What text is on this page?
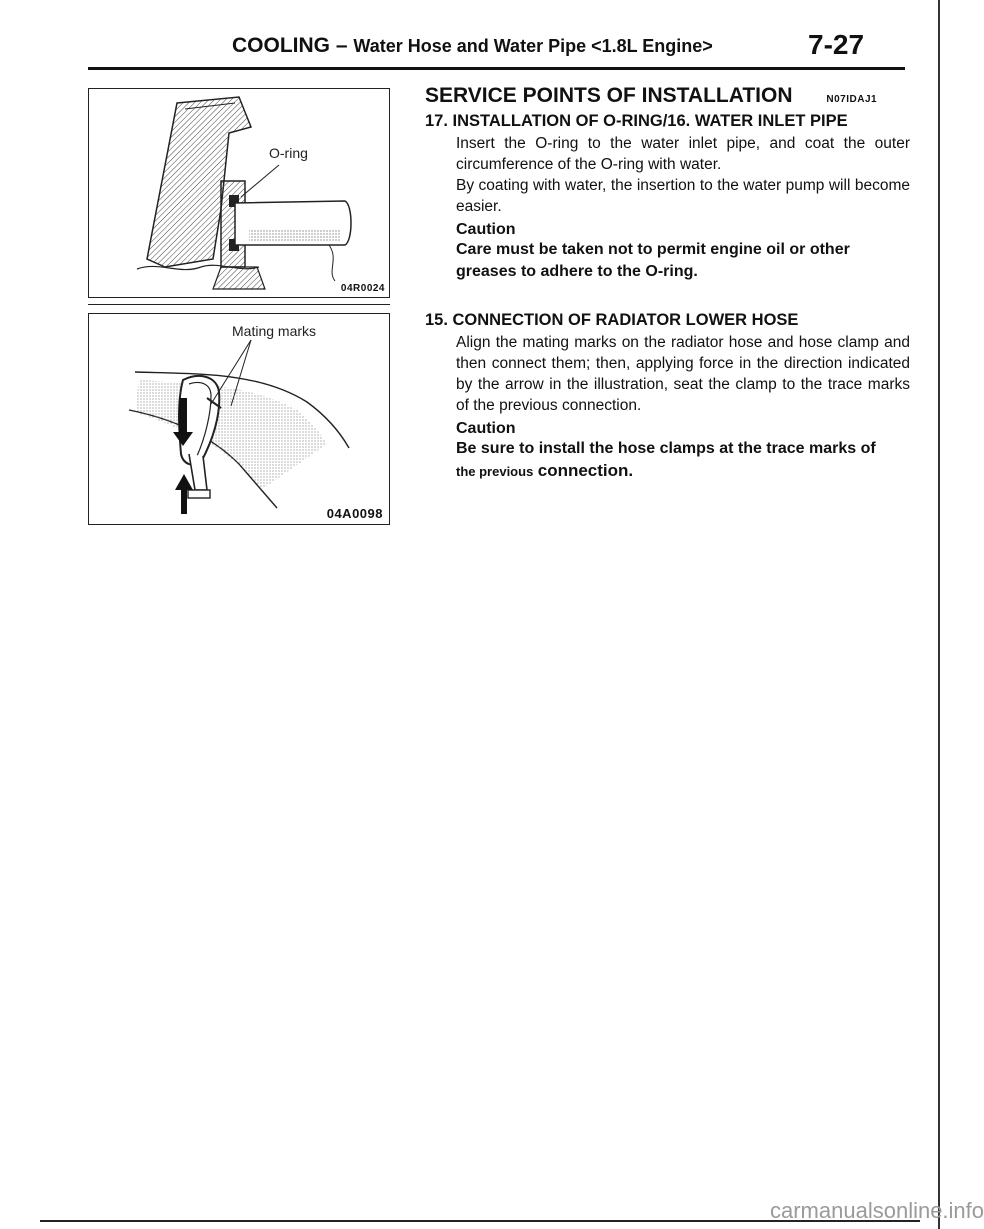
COOLING – Water Hose and Water Pipe <1.8L Engine>	7-27
O-ring
04R0024
Mating marks
04A0098
SERVICE POINTS OF INSTALLATION	N07IDAJ1
17. INSTALLATION OF O-RING/16. WATER INLET PIPE

Insert the O-ring to the water inlet pipe, and coat the outer circumference of the O-ring with water.

By coating with water, the insertion to the water pump will become easier.

Caution

Care must be taken not to permit engine oil or other greases to adhere to the O-ring.

15. CONNECTION OF RADIATOR LOWER HOSE

Align the mating marks on the radiator hose and hose clamp and then connect them; then, applying force in the direction indicated by the arrow in the illustration, seat the clamp to the trace marks of the previous connection.

Caution

Be sure to install the hose clamps at the trace marks of
the previous connection.

carmanualsonline.info
